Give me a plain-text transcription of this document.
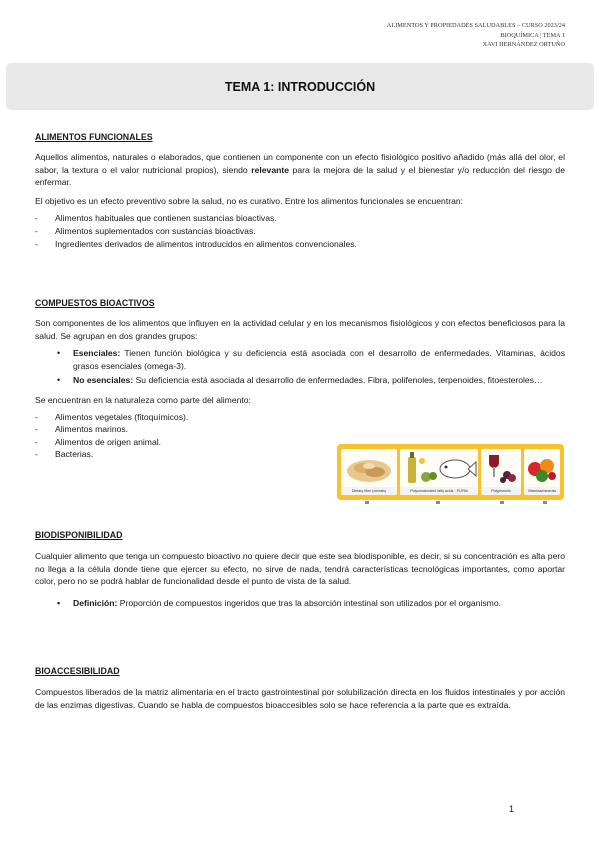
ALIMENTOS Y PROPIEDADES SALUDABLES – CURSO 2023/24
BIOQUÍMICA | TEMA 1
XAVI HERNÁNDEZ ORTUÑO
TEMA 1: INTRODUCCIÓN
ALIMENTOS FUNCIONALES

Aquellos alimentos, naturales o elaborados, que contienen un componente con un efecto fisiológico positivo añadido (más allá del olor, el sabor, la textura o el valor nutricional propios), siendo relevante para la mejora de la salud y el bienestar y/o reducción del riesgo de enfermar.

El objetivo es un efecto preventivo sobre la salud, no es curativo. Entre los alimentos funcionales se encuentran:

- Alimentos habituales que contienen sustancias bioactivas.
- Alimentos suplementados con sustancias bioactivas.
- Ingredientes derivados de alimentos introducidos en alimentos convencionales.
COMPUESTOS BIOACTIVOS

Son componentes de los alimentos que influyen en la actividad celular y en los mecanismos fisiológicos y con efectos beneficiosos para la salud. Se agrupan en dos grandes grupos:

• Esenciales: Tienen función biológica y su deficiencia está asociada con el desarrollo de enfermedades. Vitaminas, ácidos grasos esenciales (omega-3).
• No esenciales: Su deficiencia está asociada al desarrollo de enfermedades. Fibra, polifenoles, terpenoides, fitoesteroles…

Se encuentran en la naturaleza como parte del alimento:

- Alimentos vegetales (fitoquímicos).
- Alimentos marinos.
- Alimentos de origen animal.
- Bacterias.
Dietary fiber (cereals)	Polyunsaturated fatty acids · PUFAs	Polyphenols	Vitamins/minerals
BIODISPONIBILIDAD

Cualquier alimento que tenga un compuesto bioactivo no quiere decir que este sea biodisponible, es decir, si su concentración es alta pero no llega a la célula donde tiene que ejercer su efecto, no sirve de nada, tendrá características tecnológicas importantes, como aportar color, pero no se podrá hablar de funcionalidad desde el punto de vista de la salud.

▪ Definición: Proporción de compuestos ingeridos que tras la absorción intestinal son utilizados por el organismo.
BIOACCESIBILIDAD

Compuestos liberados de la matriz alimentaria en el tracto gastrointestinal por solubilización directa en los fluidos intestinales y por acción de las enzimas digestivas. Cuando se habla de compuestos bioaccesibles solo se hace referencia a la parte que es extraída.

1
